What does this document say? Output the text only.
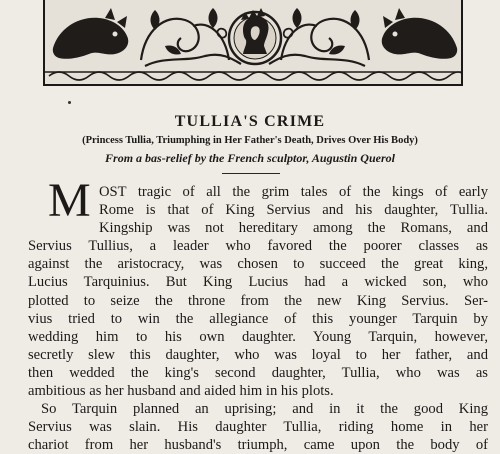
TULLIA'S CRIME
(Princess Tullia, Triumphing in Her Father's Death, Drives Over His Body)
From a bas-relief by the French sculptor, Augustin Querol
M OST tragic of all the grim tales of the kings of early
Rome is that of King Servius and his daughter, Tullia.
Kingship was not hereditary among the Romans, and
Servius Tullius, a leader who favored the poorer classes as
against the aristocracy, was chosen to succeed the great king,
Lucius Tarquinius. But King Lucius had a wicked son, who
plotted to seize the throne from the new King Servius. Ser-
vius tried to win the allegiance of this younger Tarquin by
wedding him to his own daughter. Young Tarquin, however,
secretly slew this daughter, who was loyal to her father, and
then wedded the king's second daughter, Tullia, who was as
ambitious as her husband and aided him in his plots.
So Tarquin planned an uprising; and in it the good King
Servius was slain. His daughter Tullia, riding home in her
chariot from her husband's triumph, came upon the body of
